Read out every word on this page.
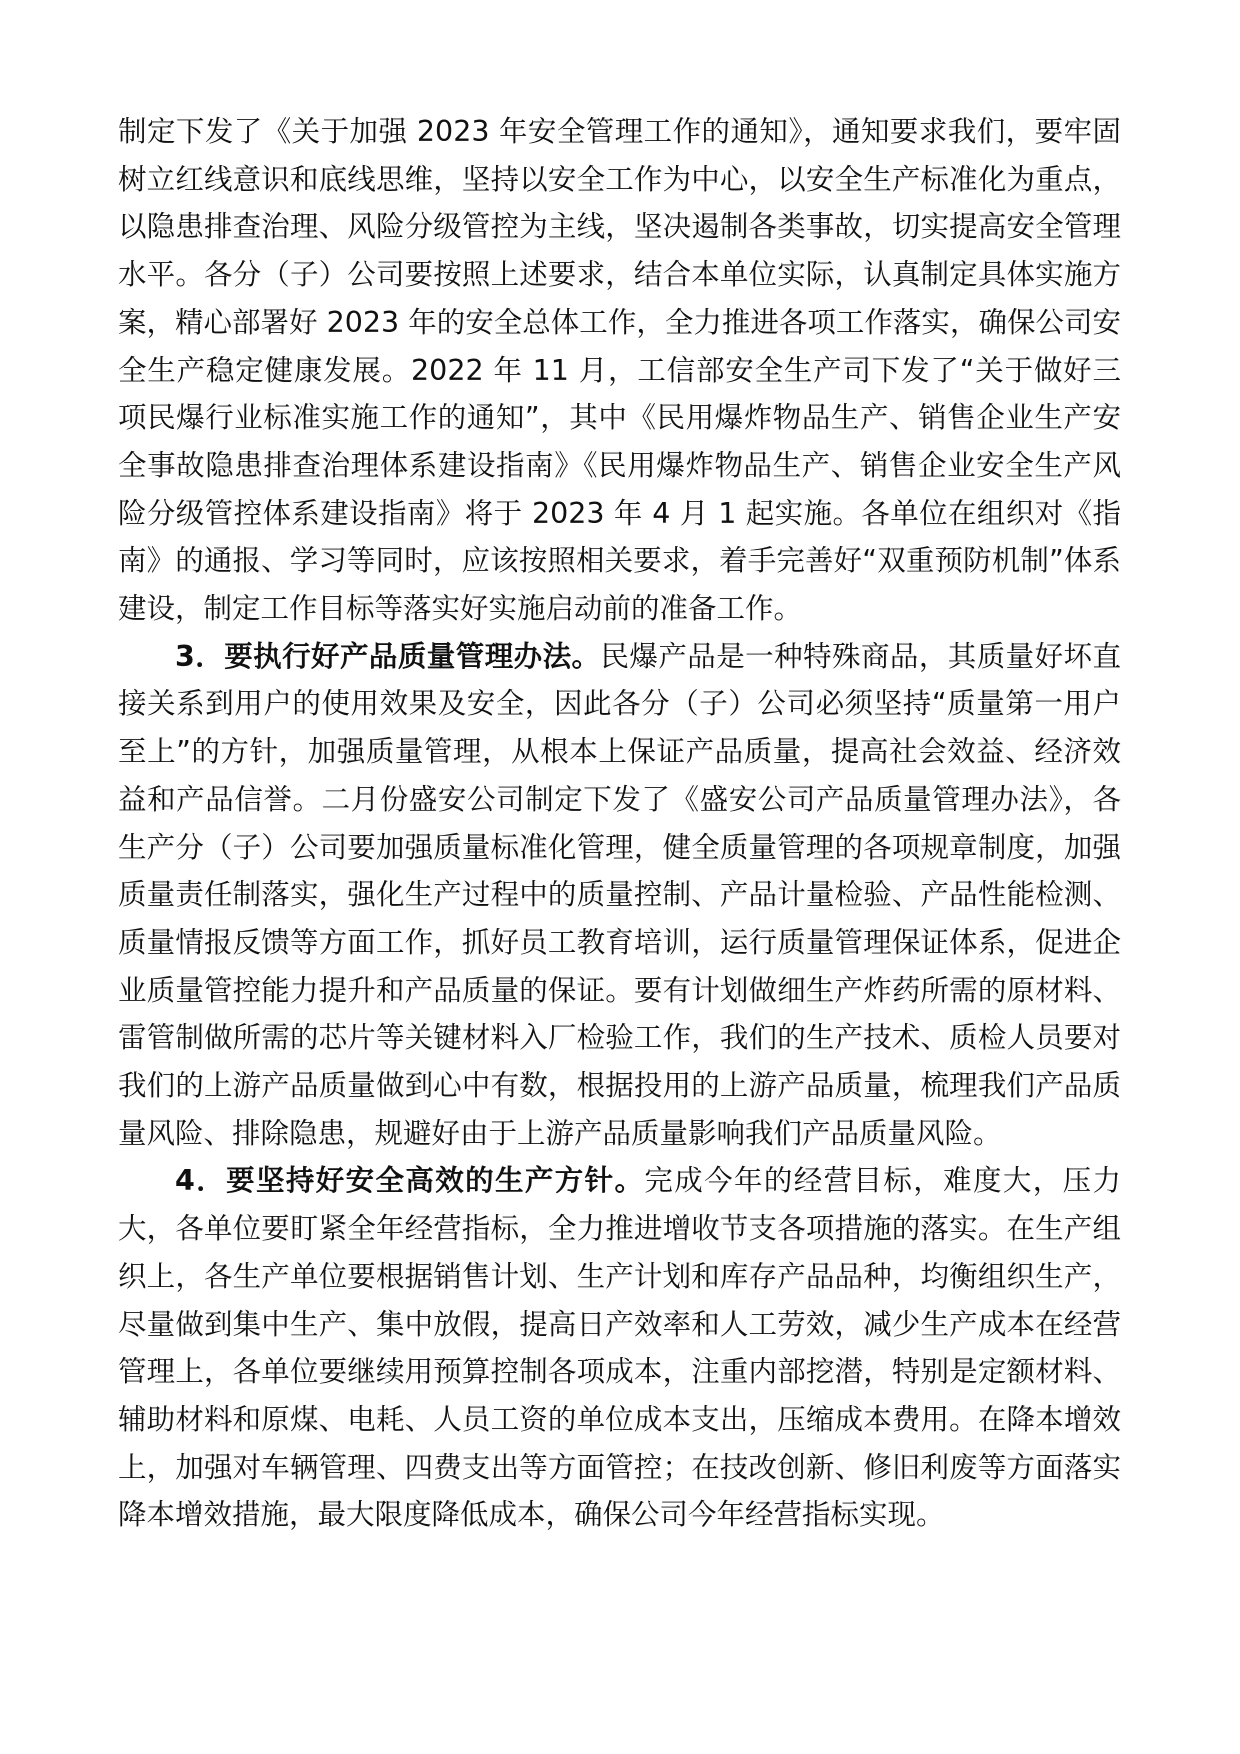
制定下发了《关于加强 2023 年安全管理工作的通知》，通知要求我们，要牢固树立红线意识和底线思维，坚持以安全工作为中心，以安全生产标准化为重点，以隐患排查治理、风险分级管控为主线，坚决遏制各类事故，切实提高安全管理水平。各分（子）公司要按照上述要求，结合本单位实际，认真制定具体实施方案，精心部署好 2023 年的安全总体工作，全力推进各项工作落实，确保公司安全生产稳定健康发展。2022 年 11 月，工信部安全生产司下发了“关于做好三项民爆行业标准实施工作的通知”，其中《民用爆炸物品生产、销售企业生产安全事故隐患排查治理体系建设指南》《民用爆炸物品生产、销售企业安全生产风险分级管控体系建设指南》将于 2023 年 4 月 1 起实施。各单位在组织对《指南》的通报、学习等同时，应该按照相关要求，着手完善好“双重预防机制”体系建设，制定工作目标等落实好实施启动前的准备工作。

3．要执行好产品质量管理办法。民爆产品是一种特殊商品，其质量好坏直接关系到用户的使用效果及安全，因此各分（子）公司必须坚持“质量第一用户至上”的方针，加强质量管理，从根本上保证产品质量，提高社会效益、经济效益和产品信誉。二月份盛安公司制定下发了《盛安公司产品质量管理办法》，各生产分（子）公司要加强质量标准化管理，健全质量管理的各项规章制度，加强质量责任制落实，强化生产过程中的质量控制、产品计量检验、产品性能检测、质量情报反馈等方面工作，抓好员工教育培训，运行质量管理保证体系，促进企业质量管控能力提升和产品质量的保证。要有计划做细生产炸药所需的原材料、雷管制做所需的芯片等关键材料入厂检验工作，我们的生产技术、质检人员要对我们的上游产品质量做到心中有数，根据投用的上游产品质量，梳理我们产品质量风险、排除隐患，规避好由于上游产品质量影响我们产品质量风险。

4．要坚持好安全高效的生产方针。完成今年的经营目标，难度大，压力大，各单位要盯紧全年经营指标，全力推进增收节支各项措施的落实。在生产组织上，各生产单位要根据销售计划、生产计划和库存产品品种，均衡组织生产，尽量做到集中生产、集中放假，提高日产效率和人工劳效，减少生产成本在经营管理上，各单位要继续用预算控制各项成本，注重内部挖潜，特别是定额材料、辅助材料和原煤、电耗、人员工资的单位成本支出，压缩成本费用。在降本增效上，加强对车辆管理、四费支出等方面管控；在技改创新、修旧利废等方面落实降本增效措施，最大限度降低成本，确保公司今年经营指标实现。
